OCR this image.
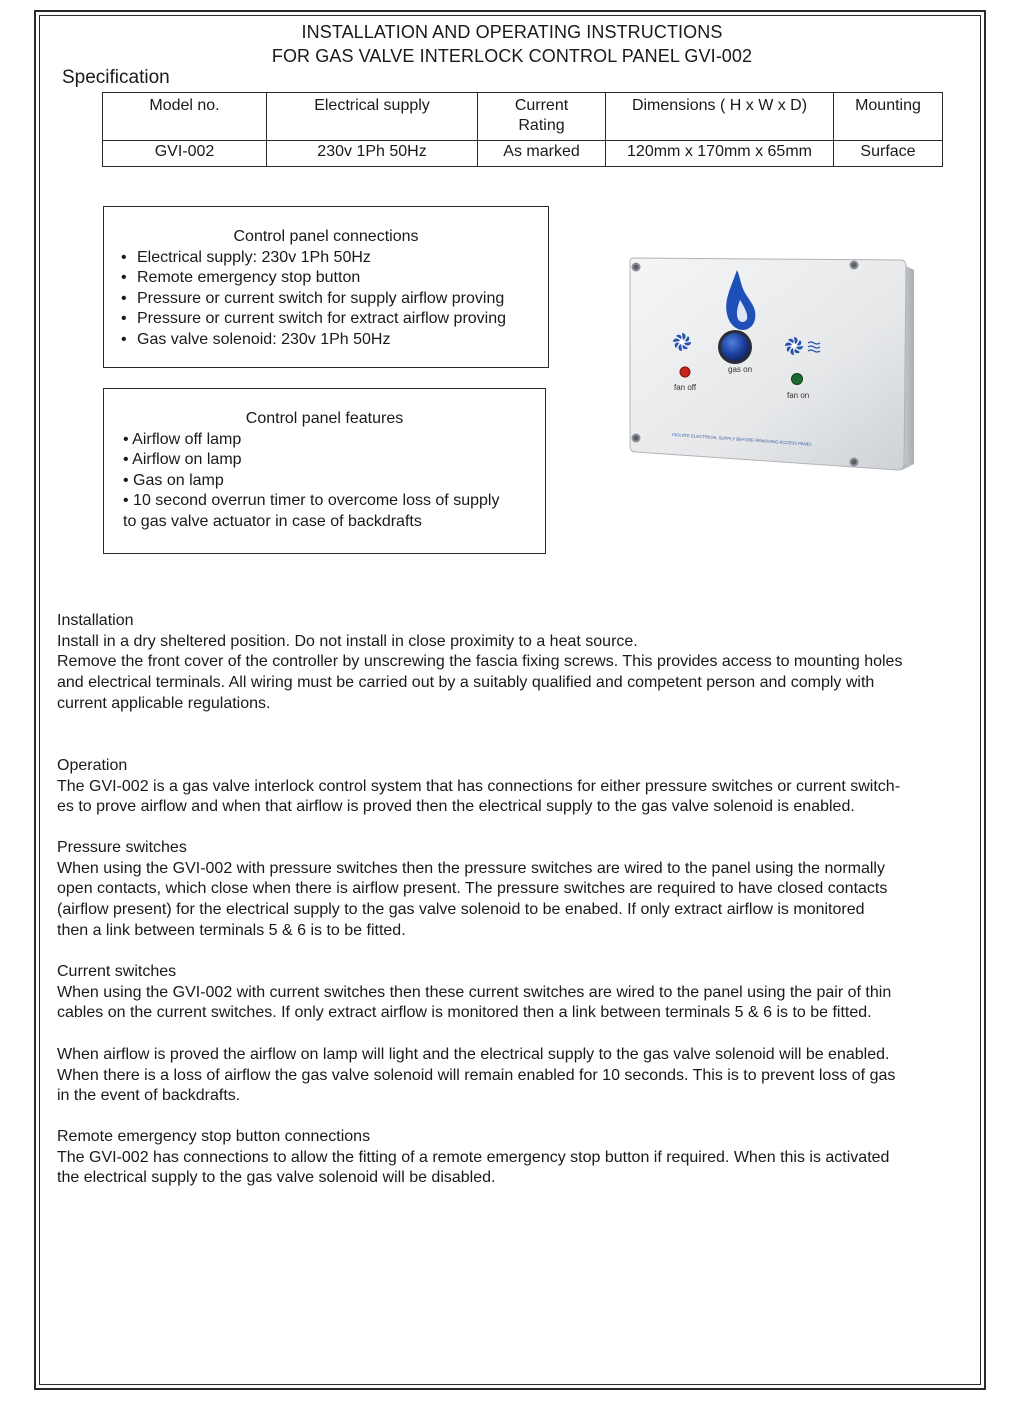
INSTALLATION AND OPERATING INSTRUCTIONS
FOR GAS VALVE INTERLOCK CONTROL PANEL GVI-002
Specification
Model no.	Electrical supply	Current Rating	Dimensions ( H x W x D)	Mounting
GVI-002	230v 1Ph 50Hz	As marked	120mm x 170mm x 65mm	Surface
Control panel connections
• Electrical supply: 230v 1Ph 50Hz
• Remote emergency stop button
• Pressure or current switch for supply airflow proving
• Pressure or current switch for extract airflow proving
• Gas valve solenoid: 230v 1Ph 50Hz
Control panel features
• Airflow off lamp
• Airflow on lamp
• Gas on lamp
• 10 second overrun timer to overcome loss of supply
to gas valve actuator in case of backdrafts
gas on
fan off
fan on
ISOLATE ELECTRICAL SUPPLY BEFORE REMOVING ACCESS PANEL

Installation

Install in a dry sheltered position. Do not install in close proximity to a heat source.

Remove the front cover of the controller by unscrewing the fascia fixing screws. This provides access to mounting holes

and electrical terminals. All wiring must be carried out by a suitably qualified and competent person and comply with

current applicable regulations.

Operation

The GVI-002 is a gas valve interlock control system that has connections for either pressure switches or current switch-

es to prove airflow and when that airflow is proved then the electrical supply to the gas valve solenoid is enabled.

Pressure switches

When using the GVI-002 with pressure switches then the pressure switches are wired to the panel using the normally

open contacts, which close when there is airflow present. The pressure switches are required to have closed contacts

(airflow present) for the electrical supply to the gas valve solenoid to be enabed. If only extract airflow is monitored

then a link between terminals 5 & 6 is to be fitted.

Current switches

When using the GVI-002 with current switches then these current switches are wired to the panel using the pair of thin

cables on the current switches. If only extract airflow is monitored then a link between terminals 5 & 6 is to be fitted.

When airflow is proved the airflow on lamp will light and the electrical supply to the gas valve solenoid will be enabled.

When there is a loss of airflow the gas valve solenoid will remain enabled for 10 seconds. This is to prevent loss of gas

in the event of backdrafts.

Remote emergency stop button connections

The GVI-002 has connections to allow the fitting of a remote emergency stop button if required. When this is activated

the electrical supply to the gas valve solenoid will be disabled.
